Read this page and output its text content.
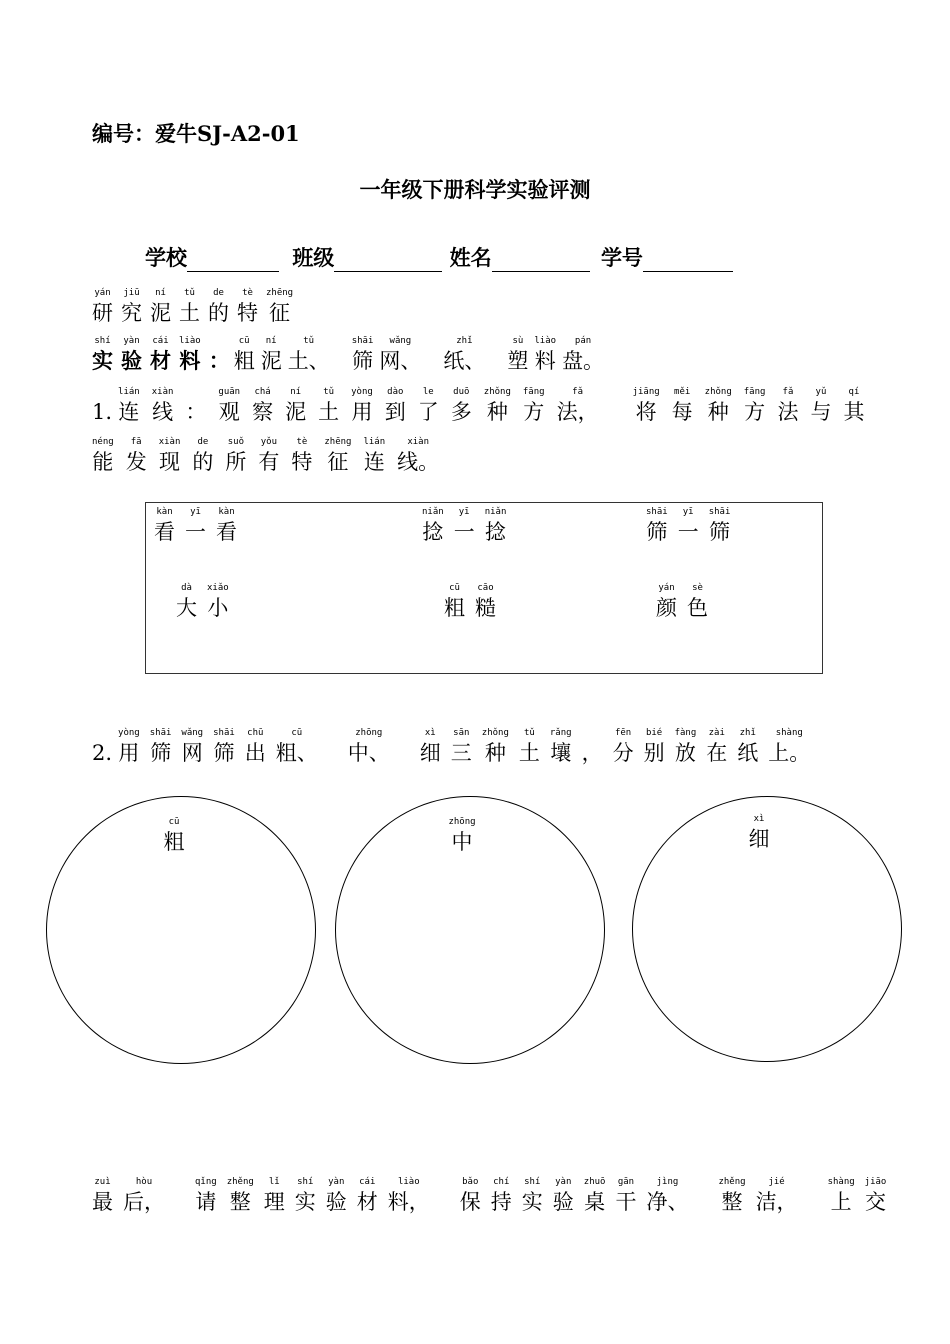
编号：爱牛SJ-A2-01
一年级下册科学实验评测
学校	班级	姓名	学号
yán
研
jiū
究
ní
泥
tǔ
土
de
的
tè
特
zhēng
征
shí
实
yàn
验
cái
材
liào
料 ：
cū
粗
ní
泥
tǔ
土、
shāi
筛
wǎng
网、
zhǐ
纸、
sù
塑
liào
料
pán
盘。
1.
lián
连
xiàn
线 ：
guān
观
chá
察
ní
泥
tǔ
土
yòng
用
dào
到
le
了
duō
多
zhǒng
种
fāng
方
fǎ
法，
jiāng
将
měi
每
zhǒng
种
fāng
方
fǎ
法
yǔ
与
qí
其
néng
能
fā
发
xiàn
现
de
的
suǒ
所
yǒu
有
tè
特
zhēng
征
lián
连
xiàn
线。
kàn
看
yī
一
kàn
看
niǎn
捻
yī
一
niǎn
捻
shāi
筛
yī
一
shāi
筛
dà
大
xiǎo
小
cū
粗
cāo
糙
yán
颜
sè
色
2.
yòng
用
shāi
筛
wǎng
网
shāi
筛
chū
出
cū
粗、
zhōng
中、
xì
细
sān
三
zhǒng
种
tǔ
土
rǎng
壤 ，
fēn
分
bié
别
fàng
放
zài
在
zhǐ
纸
shàng
上。
cū
粗
zhōng
中
xì
细
zuì
最
hòu
后，
qǐng
请
zhěng
整
lǐ
理
shí
实
yàn
验
cái
材
liào
料，
bǎo
保
chí
持
shí
实
yàn
验
zhuō
桌
gān
干
jìng
净、
zhěng
整
jié
洁，
shàng
上
jiāo
交
